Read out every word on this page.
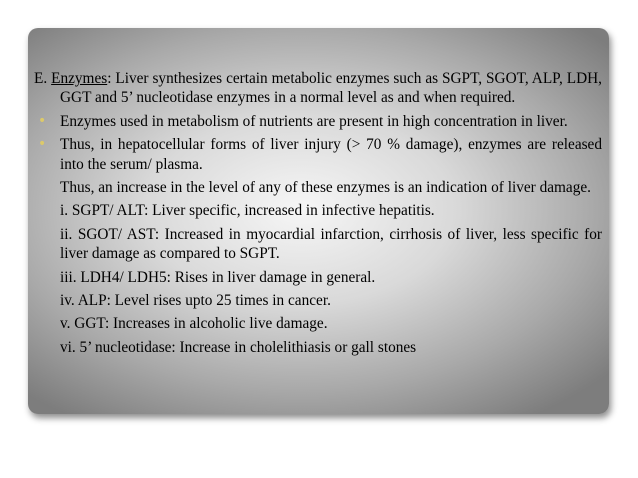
E. Enzymes: Liver synthesizes certain metabolic enzymes such as SGPT, SGOT, ALP, LDH, GGT and 5’ nucleotidase enzymes in a normal level as and when required.

• Enzymes used in metabolism of nutrients are present in high concentration in liver.

• Thus, in hepatocellular forms of liver injury (> 70 % damage), enzymes are released into the serum/ plasma.

Thus, an increase in the level of any of these enzymes is an indication of liver damage.

i. SGPT/ ALT: Liver specific, increased in infective hepatitis.

ii. SGOT/ AST: Increased in myocardial infarction, cirrhosis of liver, less specific for liver damage as compared to SGPT.

iii. LDH4/ LDH5: Rises in liver damage in general.

iv. ALP: Level rises upto 25 times in cancer.

v. GGT: Increases in alcoholic live damage.

vi. 5’ nucleotidase: Increase in cholelithiasis or gall stones
